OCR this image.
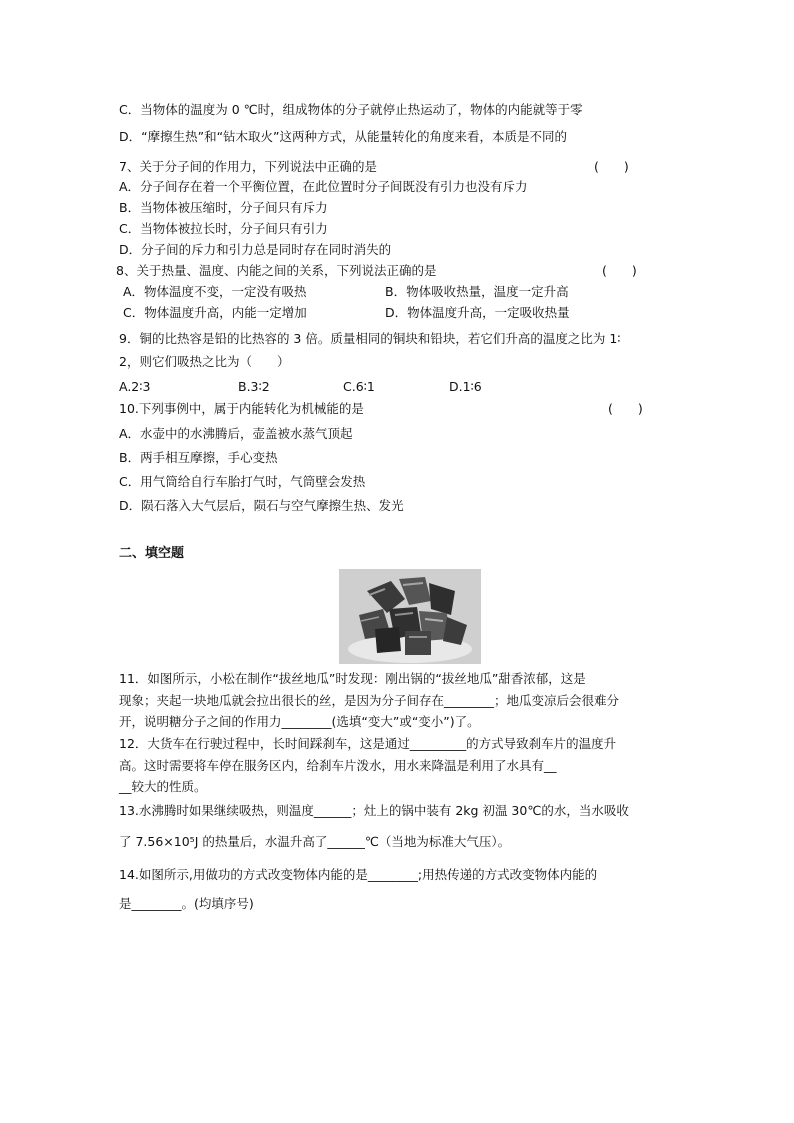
C．当物体的温度为 0 ℃时，组成物体的分子就停止热运动了，物体的内能就等于零
D．“摩擦生热”和“钻木取火”这两种方式，从能量转化的角度来看，本质是不同的
7、关于分子间的作用力，下列说法中正确的是	(　　)
A．分子间存在着一个平衡位置，在此位置时分子间既没有引力也没有斥力
B．当物体被压缩时，分子间只有斥力
C．当物体被拉长时，分子间只有引力
D．分子间的斥力和引力总是同时存在同时消失的
8、关于热量、温度、内能之间的关系，下列说法正确的是	(　　)
A．物体温度不变，一定没有吸热	B．物体吸收热量，温度一定升高
C．物体温度升高，内能一定增加	D．物体温度升高，一定吸收热量
9．铜的比热容是铅的比热容的 3 倍。质量相同的铜块和铅块，若它们升高的温度之比为 1∶
2，则它们吸热之比为（　　）
A.2∶3	B.3∶2	C.6∶1	D.1∶6
10.下列事例中，属于内能转化为机械能的是	(　　)
A．水壶中的水沸腾后，壶盖被水蒸气顶起
B．两手相互摩擦，手心变热
C．用气筒给自行车胎打气时，气筒壁会发热
D．陨石落入大气层后，陨石与空气摩擦生热、发光
二、填空题
11．如图所示，小松在制作“拔丝地瓜”时发现：刚出锅的“拔丝地瓜”甜香浓郁，这是
现象；夹起一块地瓜就会拉出很长的丝，是因为分子间存在________；地瓜变凉后会很难分
开，说明糖分子之间的作用力________(选填“变大”或“变小”)了。
12．大货车在行驶过程中，长时间踩刹车，这是通过_________的方式导致刹车片的温度升
高。这时需要将车停在服务区内，给刹车片泼水，用水来降温是利用了水具有__
__较大的性质。
13.水沸腾时如果继续吸热，则温度______；灶上的锅中装有 2kg 初温 30℃的水，当水吸收
了 7.56×10⁵J 的热量后，水温升高了______℃（当地为标准大气压）。
14.如图所示,用做功的方式改变物体内能的是________;用热传递的方式改变物体内能的
是________。(均填序号)
